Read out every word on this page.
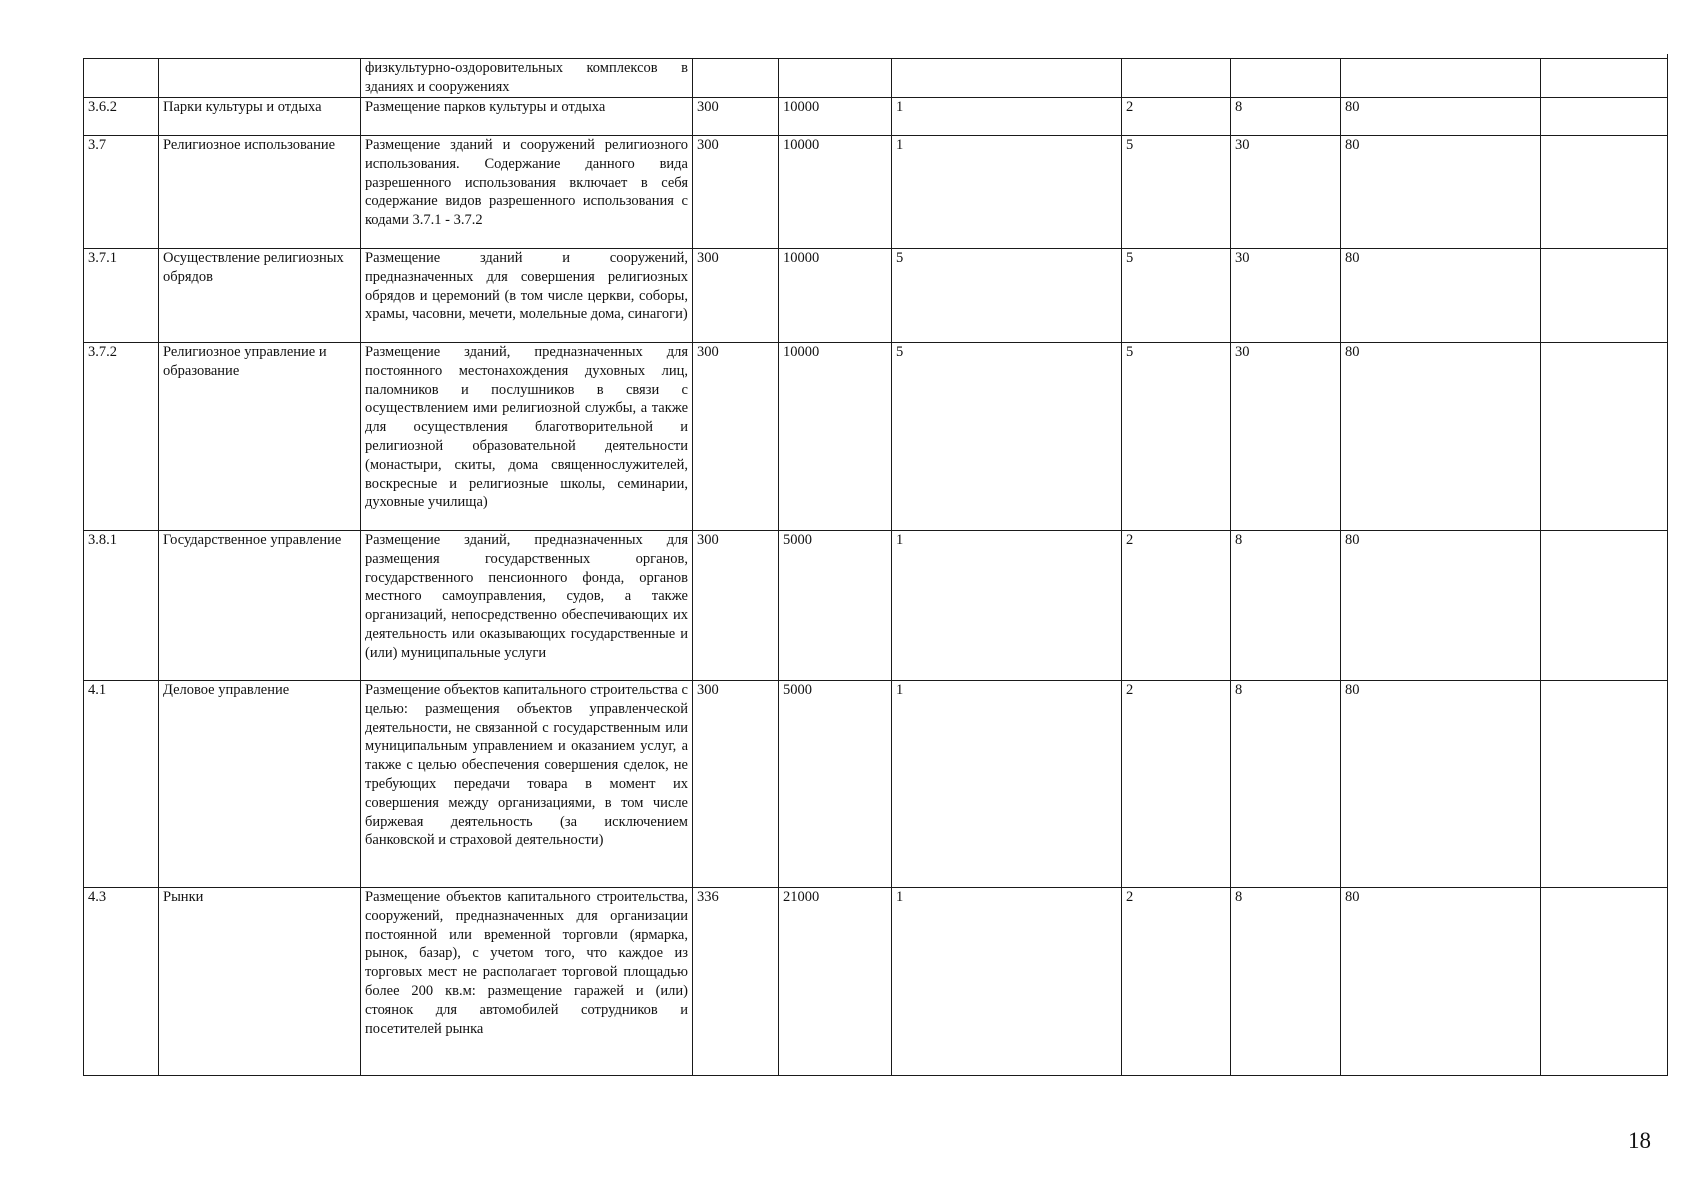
		физкультурно-оздоровительных комплексов в зданиях и сооружениях							
3.6.2	Парки культуры и отдыха	Размещение парков культуры и отдыха	300	10000	1	2	8	80	
3.7	Религиозное использование	Размещение зданий и сооружений религиозного использования. Содержание данного вида разрешенного использования включает в себя содержание видов разрешенного использования с кодами 3.7.1 - 3.7.2	300	10000	1	5	30	80	
3.7.1	Осуществление религиозных обрядов	Размещение зданий и сооружений, предназначенных для совершения религиозных обрядов и церемоний (в том числе церкви, соборы, храмы, часовни, мечети, молельные дома, синагоги)	300	10000	5	5	30	80	
3.7.2	Религиозное управление и образование	Размещение зданий, предназначенных для постоянного местонахождения духовных лиц, паломников и послушников в связи с осуществлением ими религиозной службы, а также для осуществления благотворительной и религиозной образовательной деятельности (монастыри, скиты, дома священнослужителей, воскресные и религиозные школы, семинарии, духовные училища)	300	10000	5	5	30	80	
3.8.1	Государственное управление	Размещение зданий, предназначенных для размещения государственных органов, государственного пенсионного фонда, органов местного самоуправления, судов, а также организаций, непосредственно обеспечивающих их деятельность или оказывающих государственные и (или) муниципальные услуги	300	5000	1	2	8	80	
4.1	Деловое управление	Размещение объектов капитального строительства с целью: размещения объектов управленческой деятельности, не связанной с государственным или муниципальным управлением и оказанием услуг, а также с целью обеспечения совершения сделок, не требующих передачи товара в момент их совершения между организациями, в том числе биржевая деятельность (за исключением банковской и страховой деятельности)	300	5000	1	2	8	80	
4.3	Рынки	Размещение объектов капитального строительства, сооружений, предназначенных для организации постоянной или временной торговли (ярмарка, рынок, базар), с учетом того, что каждое из торговых мест не располагает торговой площадью более 200 кв.м: размещение гаражей и (или) стоянок для автомобилей сотрудников и посетителей рынка	336	21000	1	2	8	80	
18
